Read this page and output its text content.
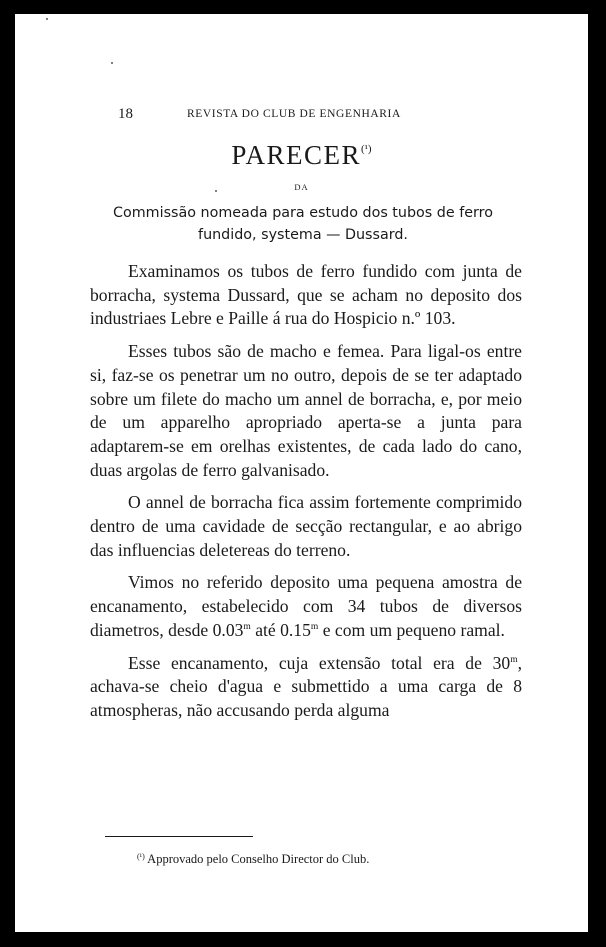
18	REVISTA DO CLUB DE ENGENHARIA
$PARECER^{(^1)}$
DA
Commissão nomeada para estudo dos tubos de ferro fundido, systema — Dussard.

Examinamos os tubos de ferro fundido com junta de borracha, systema Dussard, que se acham no deposito dos industriaes Lebre e Paille á rua do Hospicio n.º 103.

Esses tubos são de macho e femea. Para ligal-os entre si, faz-se os penetrar um no outro, depois de se ter adaptado sobre um filete do macho um annel de borracha, e, por meio de um apparelho apropriado aperta-se a junta para adaptarem-se em orelhas existentes, de cada lado do cano, duas argolas de ferro galvanisado.

O annel de borracha fica assim fortemente comprimido dentro de uma cavidade de secção rectangular, e ao abrigo das influencias deletereas do terreno.

Vimos no referido deposito uma pequena amostra de encanamento, estabelecido com 34 tubos de diversos diametros, desde 0.03$^m$ até 0.15$^m$ e com um pequeno ramal.

Esse encanamento, cuja extensão total era de 30$^m$, achava-se cheio d'agua e submettido a uma carga de 8 atmospheras, não accusando perda alguma

$^{(^1)}$ Approvado pelo Conselho Director do Club.
